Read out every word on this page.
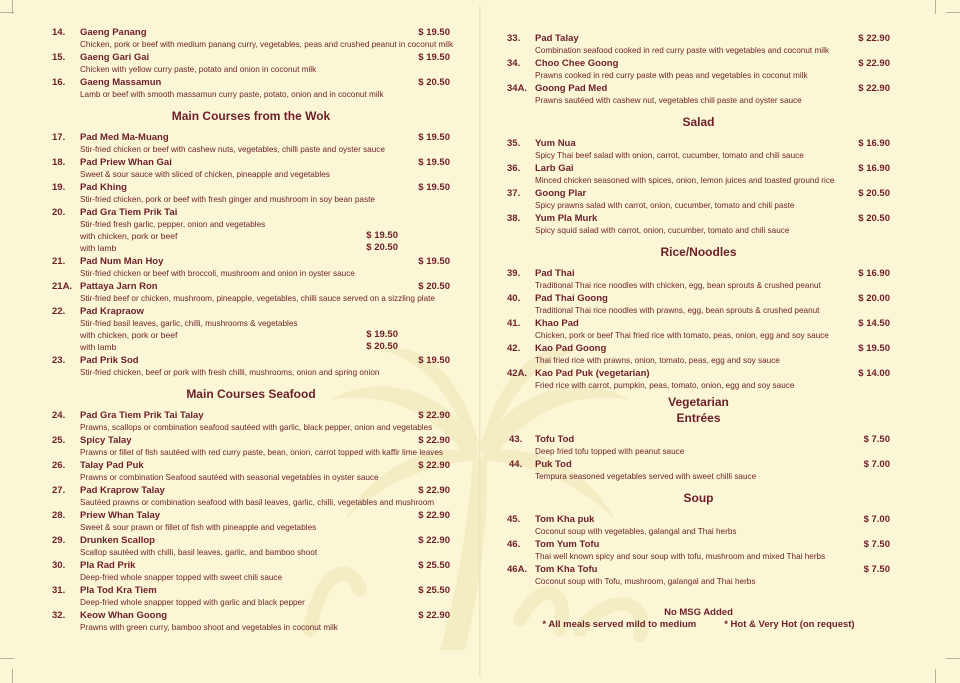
14. Gaeng Panang	$ 19.50
Chicken, pork or beef with medium panang curry, vegetables, peas and crushed peanut in coconut milk
15. Gaeng Gari Gai	$ 19.50
Chicken with yellow curry paste, potato and onion in coconut milk
16. Gaeng Massamun	$ 20.50
Lamb or beef with smooth massamun curry paste, potato, onion and in coconut milk
Main Courses from the Wok
17. Pad Med Ma-Muang	$ 19.50
Stir-fried chicken or beef with cashew nuts, vegetables, chilli paste and oyster sauce
18. Pad Priew Whan Gai	$ 19.50
Sweet & sour sauce with sliced of chicken, pineapple and vegetables
19. Pad Khing	$ 19.50
Stir-fried chicken, pork or beef with fresh ginger and mushroom in soy bean paste
20. Pad Gra Tiem Prik Tai
Stir-fried fresh garlic, pepper, onion and vegetables
with chicken, pork or beef	$ 19.50
with lamb	$ 20.50
21. Pad Num Man Hoy	$ 19.50
Stir-fried chicken or beef with broccoli, mushroom and onion in oyster sauce
21A. Pattaya Jarn Ron	$ 20.50
Stir-fried beef or chicken, mushroom, pineapple, vegetables, chilli sauce served on a sizzling plate
22. Pad Krapraow
Stir-fried basil leaves, garlic, chilli, mushrooms & vegetables
with chicken, pork or beef	$ 19.50
with lamb	$ 20.50
23. Pad Prik Sod	$ 19.50
Stir-fried chicken, beef or pork with fresh chilli, mushrooms, onion and spring onion
Main Courses Seafood
24. Pad Gra Tiem Prik Tai Talay	$ 22.90
Prawns, scallops or combination seafood sautéed with garlic, black pepper, onion and vegetables
25. Spicy Talay	$ 22.90
Prawns or fillet of fish sautéed with red curry paste, bean, onion, carrot topped with kaffir lime leaves
26. Talay Pad Puk	$ 22.90
Prawns or combination Seafood sautéed with seasonal vegetables in oyster sauce
27. Pad Kraprow Talay	$ 22.90
Sautéed prawns or combination seafood with basil leaves, garlic, chilli, vegetables and mushroom
28. Priew Whan Talay	$ 22.90
Sweet & sour prawn or fillet of fish with pineapple and vegetables
29. Drunken Scallop	$ 22.90
Scallop sautéed with chilli, basil leaves, garlic, and bamboo shoot
30. Pla Rad Prik	$ 25.50
Deep-fried whole snapper topped with sweet chili sauce
31. Pla Tod Kra Tiem	$ 25.50
Deep-fried whole snapper topped with garlic and black pepper
32. Keow Whan Goong	$ 22.90
Prawns with green curry, bamboo shoot and vegetables in coconut milk
33. Pad Talay	$ 22.90
Combination seafood cooked in red curry paste with vegetables and coconut milk
34. Choo Chee Goong	$ 22.90
Prawns cooked in red curry paste with peas and vegetables in coconut milk
34A. Goong Pad Med	$ 22.90
Prawns sautéed with cashew nut, vegetables chili paste and oyster sauce
Salad
35. Yum Nua	$ 16.90
Spicy Thai beef salad with onion, carrot, cucumber, tomato and chili sauce
36. Larb Gai	$ 16.90
Minced chicken seasoned with spices, onion, lemon juices and toasted ground rice
37. Goong Plar	$ 20.50
Spicy prawns salad with carrot, onion, cucumber, tomato and chili paste
38. Yum Pla Murk	$ 20.50
Spicy squid salad with carrot, onion, cucumber, tomato and chili sauce
Rice/Noodles
39. Pad Thai	$ 16.90
Traditional Thai rice noodles with chicken, egg, bean sprouts & crushed peanut
40. Pad Thai Goong	$ 20.00
Traditional Thai rice noodles with prawns, egg, bean sprouts & crushed peanut
41. Khao Pad	$ 14.50
Chicken, pork or beef Thai fried rice with tomato, peas, onion, egg and soy sauce
42. Kao Pad Goong	$ 19.50
Thai fried rice with prawns, onion, tomato, peas, egg and soy sauce
42A. Kao Pad Puk (vegetarian)	$ 14.00
Fried rice with carrot, pumpkin, peas, tomato, onion, egg and soy sauce
Vegetarian
Entrées
43. Tofu Tod	$ 7.50
Deep fried tofu topped with peanut sauce
44. Puk Tod	$ 7.00
Tempura seasoned vegetables served with sweet chilli sauce
Soup
45. Tom Kha puk	$ 7.00
Coconut soup with vegetables, galangal and Thai herbs
46. Tom Yum Tofu	$ 7.50
Thai well known spicy and sour soup with tofu, mushroom and mixed Thai herbs
46A. Tom Kha Tofu	$ 7.50
Coconut soup with Tofu, mushroom, galangal and Thai herbs
No MSG Added
* All meals served mild to medium	* Hot & Very Hot (on request)
